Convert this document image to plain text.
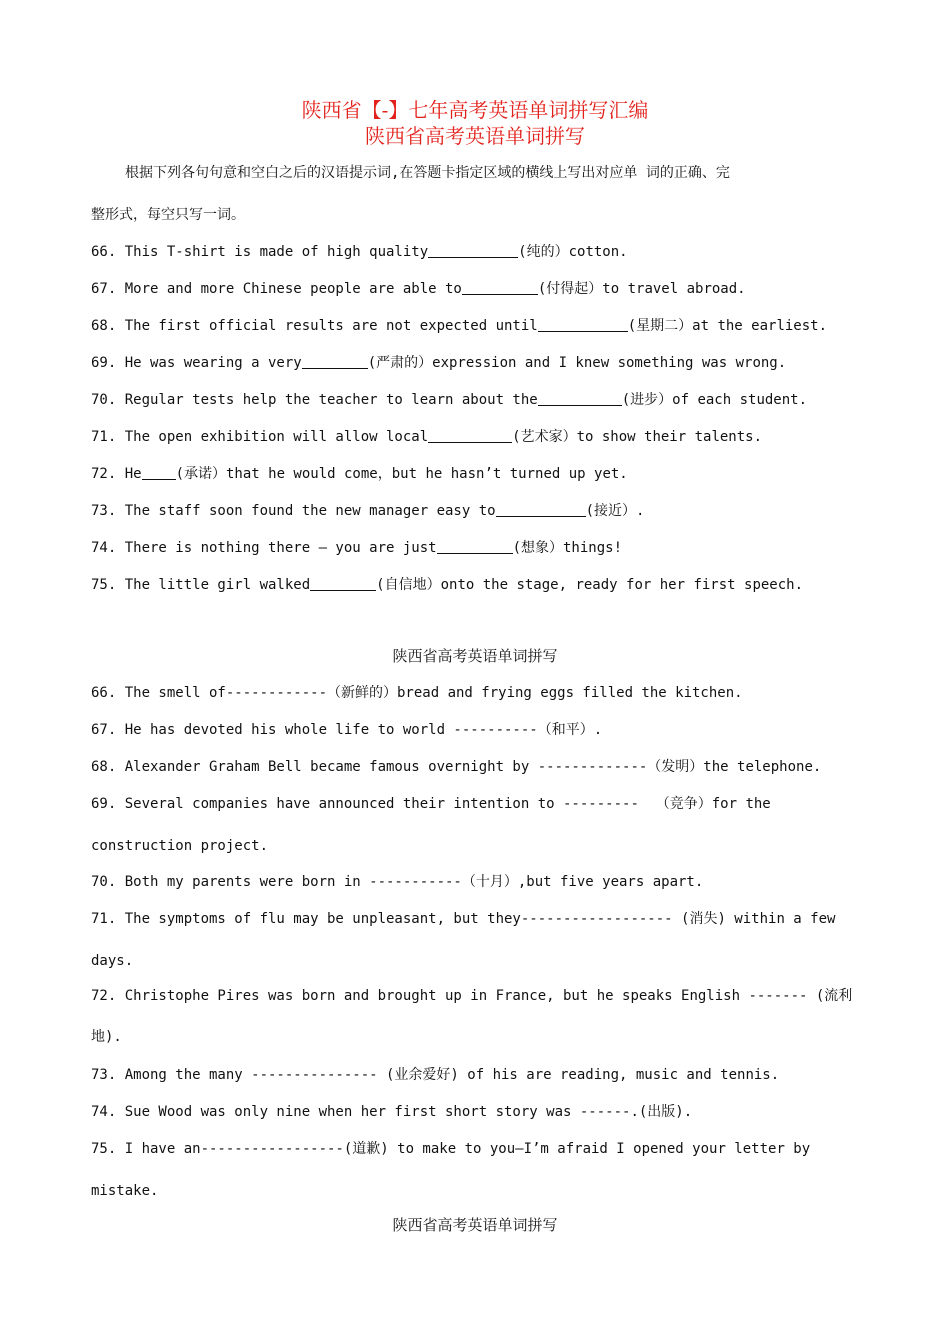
陕西省【-】七年高考英语单词拼写汇编
陕西省高考英语单词拼写
根据下列各句句意和空白之后的汉语提示词,在答题卡指定区域的横线上写出对应单 词的正确、完
整形式，每空只写一词。
66. This T-shirt is made of high quality	(纯的）cotton.
67. More and more Chinese people are able to	(付得起）to travel abroad.
68. The first official results are not expected until	(星期二）at the earliest.
69. He was wearing a very	(严肃的）expression and I knew something was wrong.
70. Regular tests help the teacher to learn about the	(进步）of each student.
71. The open exhibition will allow local	(艺术家）to show their talents.
72. He (承诺）that he would come，but he hasn’t turned up yet.
73. The staff soon found the new manager easy to	(接近）.
74. There is nothing there — you are just	(想象）things!
75. The little girl walked	(自信地）onto the stage, ready for her first speech.
陕西省高考英语单词拼写
66. The smell of------------（新鲜的）bread and frying eggs filled the kitchen.
67. He has devoted his whole life to world ----------（和平）.
68. Alexander Graham Bell became famous overnight by -------------（发明）the telephone.
69. Several companies have announced their intention to ---------  （竞争）for the
construction project.
70. Both my parents were born in -----------（十月）,but five years apart.
71. The symptoms of flu may be unpleasant, but they------------------ (消失) within a few
days.
72. Christophe Pires was born and brought up in France, but he speaks English ------- (流利
地).
73. Among the many --------------- (业余爱好) of his are reading, music and tennis.
74. Sue Wood was only nine when her first short story was ------.(出版).
75. I have an-----------------(道歉) to make to you—I’m afraid I opened your letter by
mistake.
陕西省高考英语单词拼写
